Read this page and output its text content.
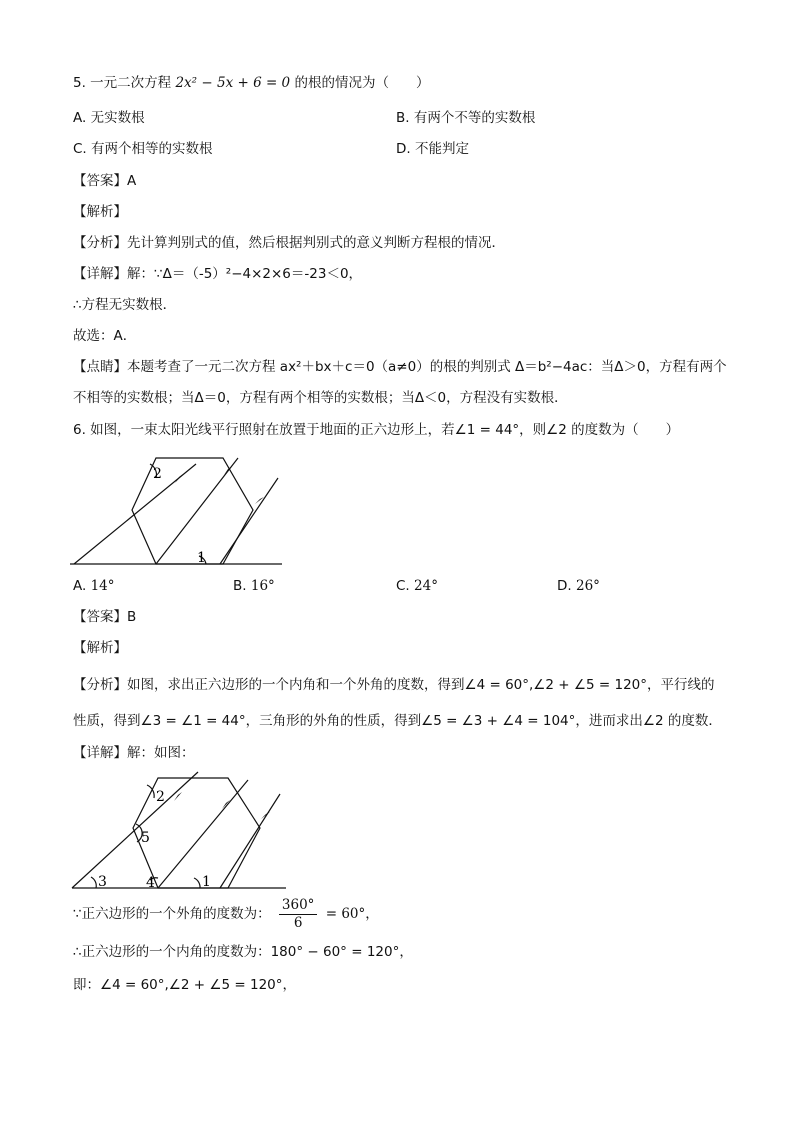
5. 一元二次方程 2x² − 5x + 6 = 0 的根的情况为（　　）
A. 无实数根	B. 有两个不等的实数根
C. 有两个相等的实数根	D. 不能判定
【答案】A
【解析】
【分析】先计算判别式的值，然后根据判别式的意义判断方程根的情况．
【详解】解：∵Δ＝（-5）²−4×2×6＝-23＜0，
∴方程无实数根．
故选：A．
【点睛】本题考查了一元二次方程 ax²＋bx＋c＝0（a≠0）的根的判别式 Δ＝b²−4ac：当Δ＞0，方程有两个
不相等的实数根；当Δ＝0，方程有两个相等的实数根；当Δ＜0，方程没有实数根．
6. 如图，一束太阳光线平行照射在放置于地面的正六边形上，若∠1 = 44°，则∠2 的度数为（　　）
2
1
A. 14°	B. 16°	C. 24°	D. 26°
【答案】B
【解析】
【分析】如图，求出正六边形的一个内角和一个外角的度数，得到∠4 = 60°,∠2 + ∠5 = 120°，平行线的
性质，得到∠3 = ∠1 = 44°，三角形的外角的性质，得到∠5 = ∠3 + ∠4 = 104°，进而求出∠2 的度数．
【详解】解：如图：
2
5
3	4	1
∵正六边形的一个外角的度数为： $\frac{360^\circ}{6} = 60^\circ$，
∴正六边形的一个内角的度数为：180° − 60° = 120°，
即：∠4 = 60°,∠2 + ∠5 = 120°，
